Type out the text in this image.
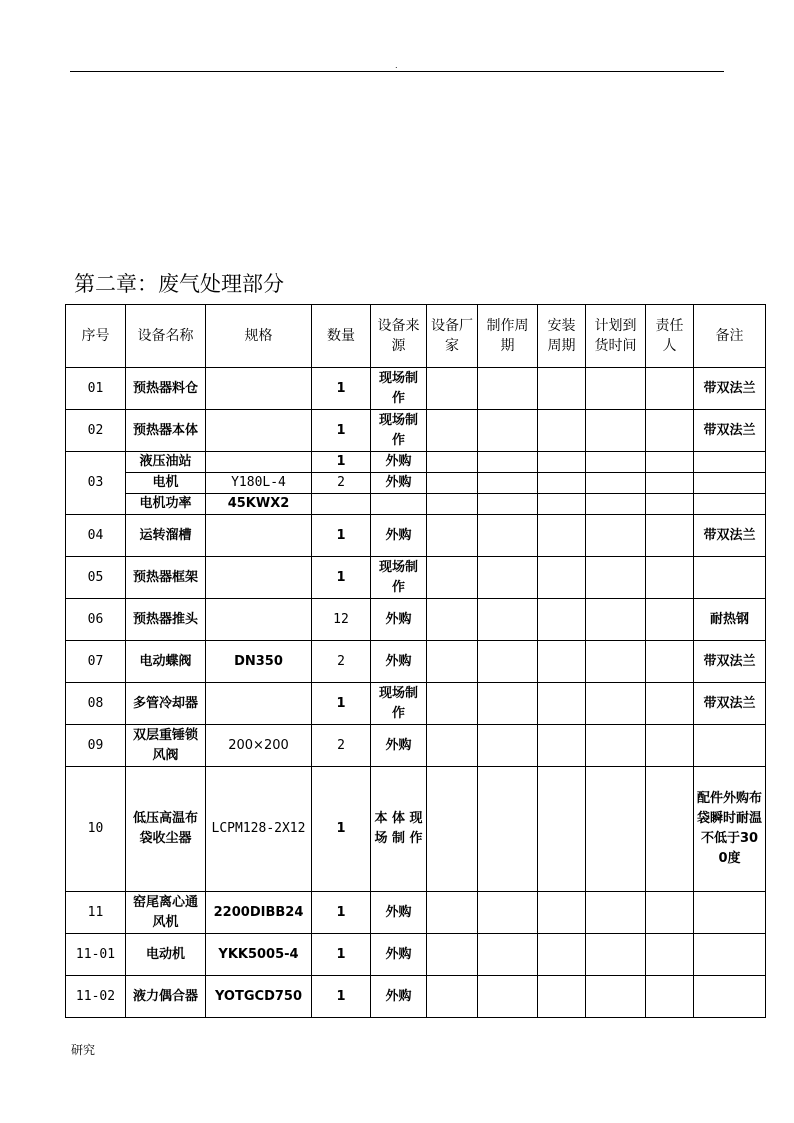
.
第二章：废气处理部分
序号	设备名称	规格	数量	设备来源	设备厂家	制作周期	安装周期	计划到货时间	责任人	备注
01	预热器料仓		1	现场制作						带双法兰
02	预热器本体		1	现场制作						带双法兰
03	液压油站		1	外购						
	电机	Y180L-4	2	外购						
	电机功率	45KWX2								
04	运转溜槽		1	外购						带双法兰
05	预热器框架		1	现场制作						
06	预热器推头		12	外购						耐热钢
07	电动蝶阀	DN350	2	外购						带双法兰
08	多管冷却器		1	现场制作						带双法兰
09	双层重锤锁风阀	200×200	2	外购						
10	低压高温布袋收尘器	LCPM128-2X12	1	本 体 现 场 制 作						配件外购布袋瞬时耐温不低于300度
11	窑尾离心通风机	2200DIBB24	1	外购						
11-01	电动机	YKK5005-4	1	外购						
11-02	液力偶合器	YOTGCD750	1	外购						
研究
